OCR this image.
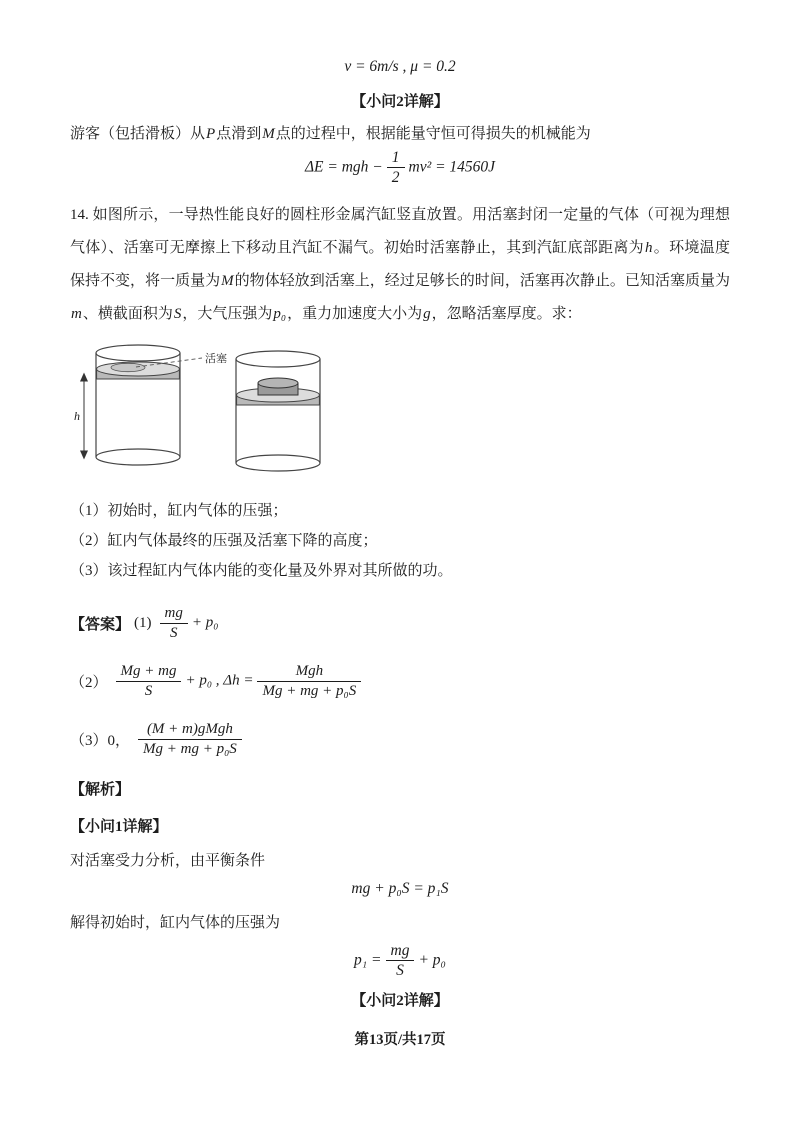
v = 6m/s , μ = 0.2
【小问2详解】
游客（包括滑板）从P点滑到M点的过程中，根据能量守恒可得损失的机械能为
ΔE = mgh − $\frac{1}{2} mv^2 = 14560J$
14. 如图所示，一导热性能良好的圆柱形金属汽缸竖直放置。用活塞封闭一定量的气体（可视为理想气体）、活塞可无摩擦上下移动且汽缸不漏气。初始时活塞静止，其到汽缸底部距离为h。环境温度保持不变，将一质量为M的物体轻放到活塞上，经过足够长的时间，活塞再次静止。已知活塞质量为m、横截面积为S，大气压强为p₀，重力加速度大小为g，忽略活塞厚度。求：
活塞
h
（1）初始时，缸内气体的压强；
（2）缸内气体最终的压强及活塞下降的高度；
（3）该过程缸内气体内能的变化量及外界对其所做的功。
【答案】 $(1) \frac{mg}{S} + p_0$
$(2) \frac{Mg + mg}{S} + p_0$ , $\Delta h = \frac{\text{Mgh}}{\text{Mg + mg + p₀S}}$
（3）0， $\frac{\text{(M + m)gMgh}}{\text{Mg + mg + p₀S}}$
【解析】
【小问1详解】
对活塞受力分析，由平衡条件
mg + p₀S = p₁S
解得初始时，缸内气体的压强为
$p_1 = \frac{mg}{S} + p_0$
【小问2详解】
第13页/共17页
